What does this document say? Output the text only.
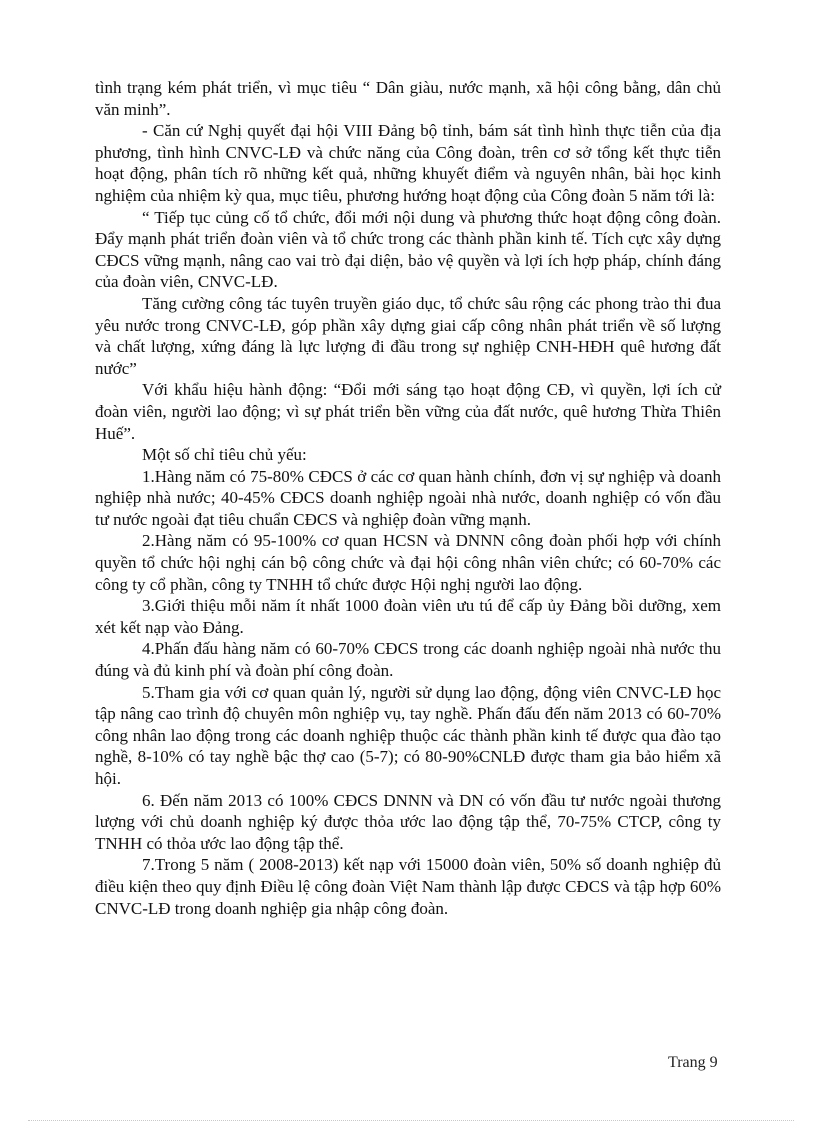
tình trạng kém phát triển, vì mục tiêu “ Dân giàu, nước mạnh, xã hội công bằng, dân chủ văn minh”.

- Căn cứ Nghị quyết đại hội VIII Đảng bộ tỉnh, bám sát tình hình thực tiễn của địa phương, tình hình CNVC-LĐ và chức năng của Công đoàn, trên cơ sở tổng kết thực tiễn hoạt động, phân tích rõ những kết quả, những khuyết điểm và nguyên nhân, bài học kinh nghiệm của nhiệm kỳ qua, mục tiêu, phương hướng hoạt động của Công đoàn 5 năm tới là:

“ Tiếp tục củng cố tổ chức, đổi mới nội dung và phương thức hoạt động công đoàn. Đẩy mạnh phát triển đoàn viên và tổ chức trong các thành phần kinh tế. Tích cực xây dựng CĐCS vững mạnh, nâng cao vai trò đại diện, bảo vệ quyền và lợi ích hợp pháp, chính đáng của đoàn viên, CNVC-LĐ.

Tăng cường công tác tuyên truyền giáo dục, tổ chức sâu rộng các phong trào thi đua yêu nước trong CNVC-LĐ, góp phần xây dựng giai cấp công nhân phát triển về số lượng và chất lượng, xứng đáng là lực lượng đi đầu trong sự nghiệp CNH-HĐH quê hương đất nước”

Với khẩu hiệu hành động: “Đổi mới sáng tạo hoạt động CĐ, vì quyền, lợi ích cử đoàn viên, người lao động; vì sự phát triển bền vững của đất nước, quê hương Thừa Thiên Huế”.

Một số chỉ tiêu chủ yếu:

1.Hàng năm có 75-80% CĐCS ở các cơ quan hành chính, đơn vị sự nghiệp và doanh nghiệp nhà nước; 40-45% CĐCS doanh nghiệp ngoài nhà nước, doanh nghiệp có vốn đầu tư nước ngoài đạt tiêu chuẩn CĐCS và nghiệp đoàn vững mạnh.

2.Hàng năm có 95-100% cơ quan HCSN và DNNN công đoàn phối hợp với chính quyền tổ chức hội nghị cán bộ công chức và đại hội công nhân viên chức; có 60-70% các công ty cổ phần, công ty TNHH tổ chức được Hội nghị người lao động.

3.Giới thiệu mỗi năm ít nhất 1000 đoàn viên ưu tú để cấp ủy Đảng bồi dưỡng, xem xét kết nạp vào Đảng.

4.Phấn đấu hàng năm có 60-70% CĐCS trong các doanh nghiệp ngoài nhà nước thu đúng và đủ kinh phí và đoàn phí công đoàn.

5.Tham gia với cơ quan quản lý, người sử dụng lao động, động viên CNVC-LĐ học tập nâng cao trình độ chuyên môn nghiệp vụ, tay nghề. Phấn đấu đến năm 2013 có 60-70% công nhân lao động trong các doanh nghiệp thuộc các thành phần kinh tế được qua đào tạo nghề, 8-10% có tay nghề bậc thợ cao (5-7); có 80-90%CNLĐ được tham gia bảo hiểm xã hội.

6. Đến năm 2013 có 100% CĐCS DNNN và DN có vốn đầu tư nước ngoài thương lượng với chủ doanh nghiệp ký được thỏa ước lao động tập thể, 70-75% CTCP, công ty TNHH có thỏa ước lao động tập thể.

7.Trong 5 năm ( 2008-2013) kết nạp với 15000 đoàn viên, 50% số doanh nghiệp đủ điều kiện theo quy định Điều lệ công đoàn Việt Nam thành lập được CĐCS và tập hợp 60% CNVC-LĐ trong doanh nghiệp gia nhập công đoàn.

Trang 9
